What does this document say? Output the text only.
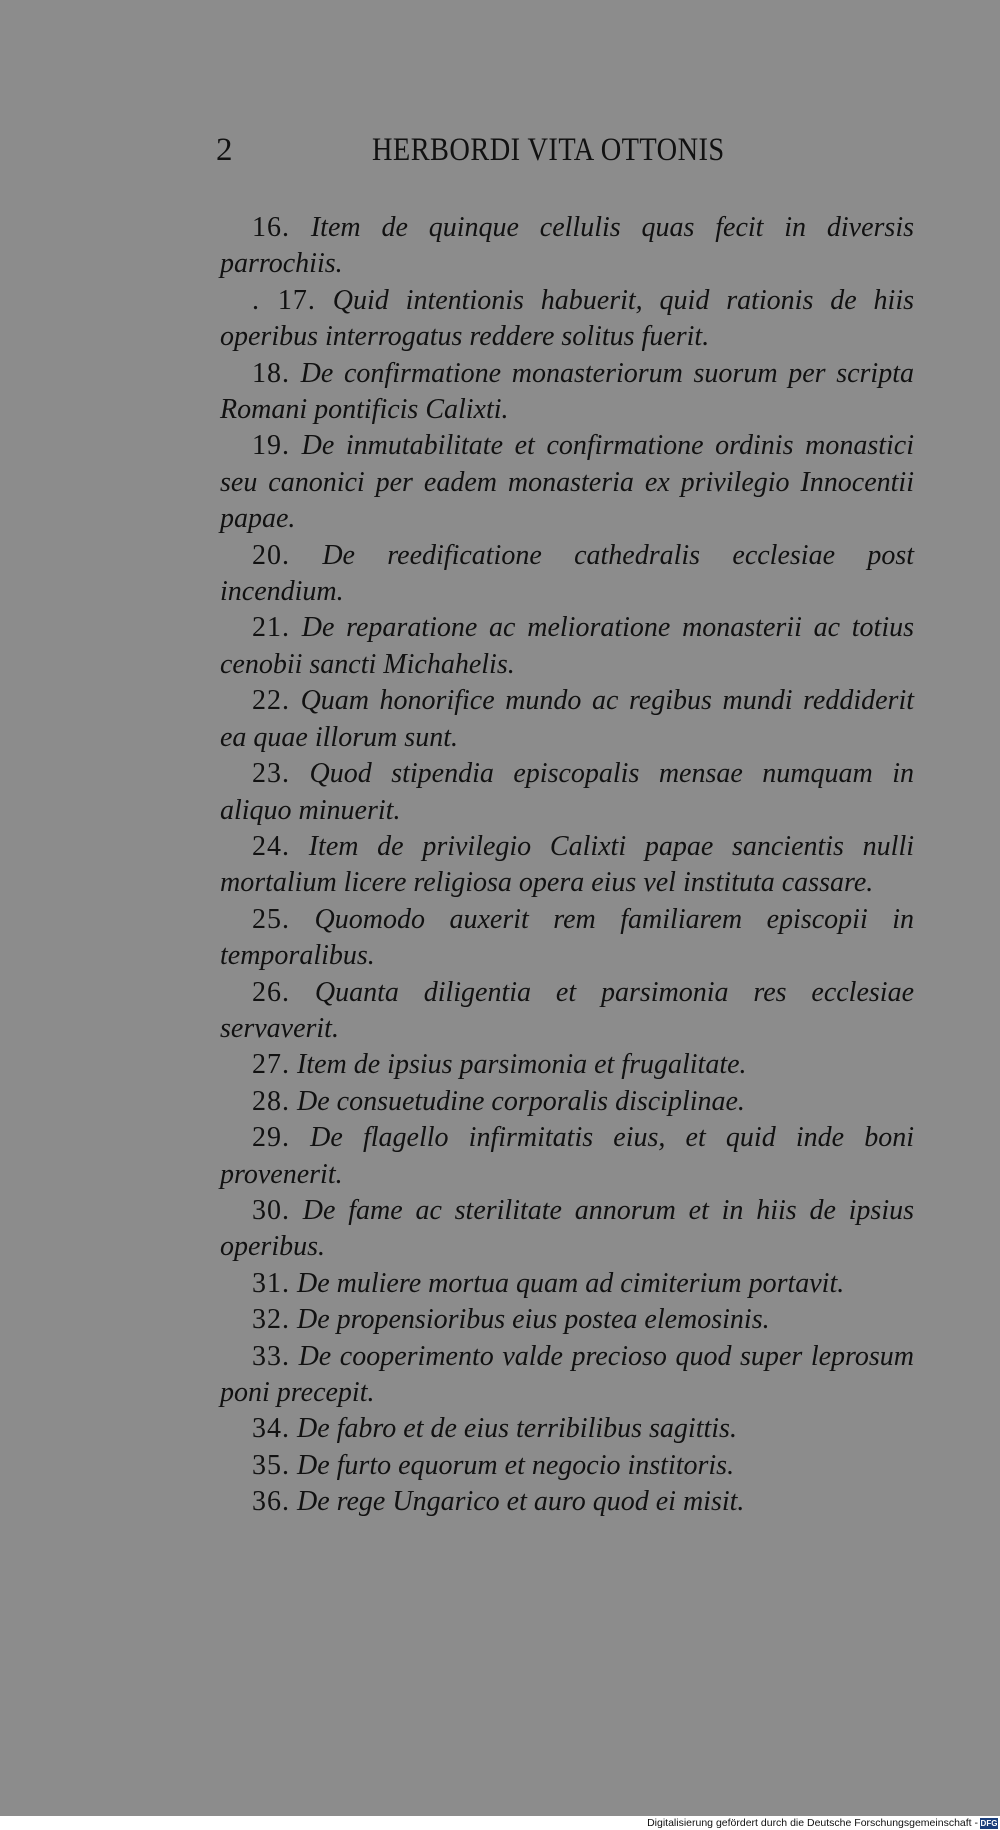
2	HERBORDI VITA OTTONIS

16. Item de quinque cellulis quas fecit in diversis parrochiis.

. 17. Quid intentionis habuerit, quid rationis de hiis operibus interrogatus reddere solitus fuerit.

18. De confirmatione monasteriorum suorum per scripta Romani pontificis Calixti.

19. De inmutabilitate et confirmatione ordinis monastici seu canonici per eadem monasteria ex privilegio Innocentii papae.

20. De reedificatione cathedralis ecclesiae post incendium.

21. De reparatione ac melioratione monasterii ac totius cenobii sancti Michahelis.

22. Quam honorifice mundo ac regibus mundi reddiderit ea quae illorum sunt.

23. Quod stipendia episcopalis mensae numquam in aliquo minuerit.

24. Item de privilegio Calixti papae sancientis nulli mortalium licere religiosa opera eius vel instituta cassare.

25. Quomodo auxerit rem familiarem episcopii in temporalibus.

26. Quanta diligentia et parsimonia res ecclesiae servaverit.

27. Item de ipsius parsimonia et frugalitate.

28. De consuetudine corporalis disciplinae.

29. De flagello infirmitatis eius, et quid inde boni provenerit.

30. De fame ac sterilitate annorum et in hiis de ipsius operibus.

31. De muliere mortua quam ad cimiterium portavit.

32. De propensioribus eius postea elemosinis.

33. De cooperimento valde precioso quod super leprosum poni precepit.

34. De fabro et de eius terribilibus sagittis.

35. De furto equorum et negocio institoris.

36. De rege Ungarico et auro quod ei misit.

Digitalisierung gefördert durch die Deutsche Forschungsgemeinschaft - DFG
